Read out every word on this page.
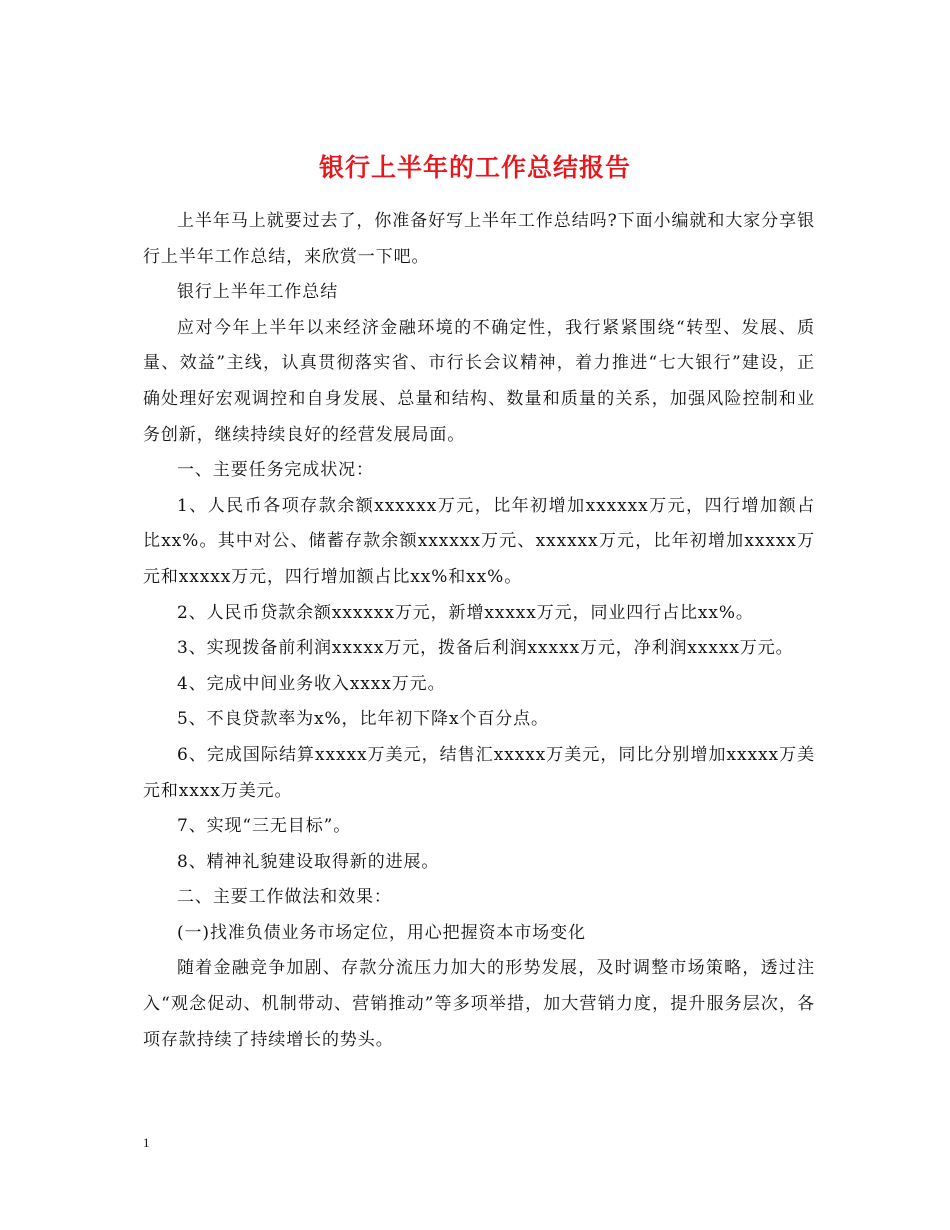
银行上半年的工作总结报告

上半年马上就要过去了，你准备好写上半年工作总结吗?下面小编就和大家分享银行上半年工作总结，来欣赏一下吧。

银行上半年工作总结

应对今年上半年以来经济金融环境的不确定性，我行紧紧围绕“转型、发展、质量、效益”主线，认真贯彻落实省、市行长会议精神，着力推进“七大银行”建设，正确处理好宏观调控和自身发展、总量和结构、数量和质量的关系，加强风险控制和业务创新，继续持续良好的经营发展局面。

一、主要任务完成状况：

1、人民币各项存款余额xxxxxx万元，比年初增加xxxxxx万元，四行增加额占比xx%。其中对公、储蓄存款余额xxxxxx万元、xxxxxx万元，比年初增加xxxxx万元和xxxxx万元，四行增加额占比xx%和xx%。

2、人民币贷款余额xxxxxx万元，新增xxxxx万元，同业四行占比xx%。

3、实现拨备前利润xxxxx万元，拨备后利润xxxxx万元，净利润xxxxx万元。

4、完成中间业务收入xxxx万元。

5、不良贷款率为x%，比年初下降x个百分点。

6、完成国际结算xxxxx万美元，结售汇xxxxx万美元，同比分别增加xxxxx万美元和xxxx万美元。

7、实现“三无目标”。

8、精神礼貌建设取得新的进展。

二、主要工作做法和效果：

(一)找准负债业务市场定位，用心把握资本市场变化

随着金融竞争加剧、存款分流压力加大的形势发展，及时调整市场策略，透过注入“观念促动、机制带动、营销推动”等多项举措，加大营销力度，提升服务层次，各项存款持续了持续增长的势头。

1
